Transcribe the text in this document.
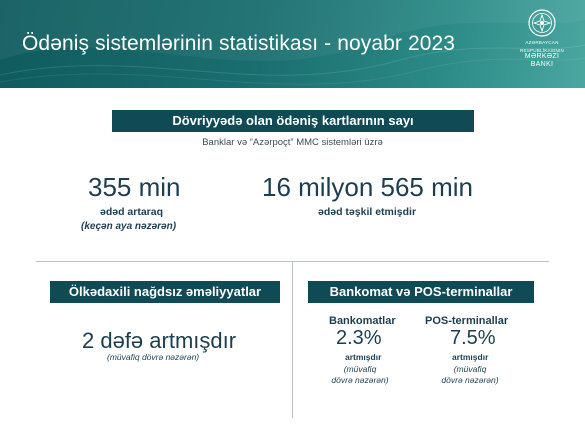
Ödəniş sistemlərinin statistikası - noyabr 2023	AZƏRBAYCAN
RESPUBLİKASININ
MƏRKƏZİ
BANKI
Dövriyyədə olan ödəniş kartlarının sayı
Banklar və “Azərpoçt” MMC sistemləri üzrə
355 min
ədəd artaraq
(keçən aya nəzərən)
16 milyon 565 min
ədəd təşkil etmişdir
Ölkədaxili nağdsız əməliyyatlar
2 dəfə artmışdır
(müvafiq dövrə nəzərən)
Bankomat və POS-terminallar
Bankomatlar
2.3%
artmışdır
(müvafiq
dövrə nəzərən)
POS-terminallar
7.5%
artmışdır
(müvafiq
dövrə nəzərən)
